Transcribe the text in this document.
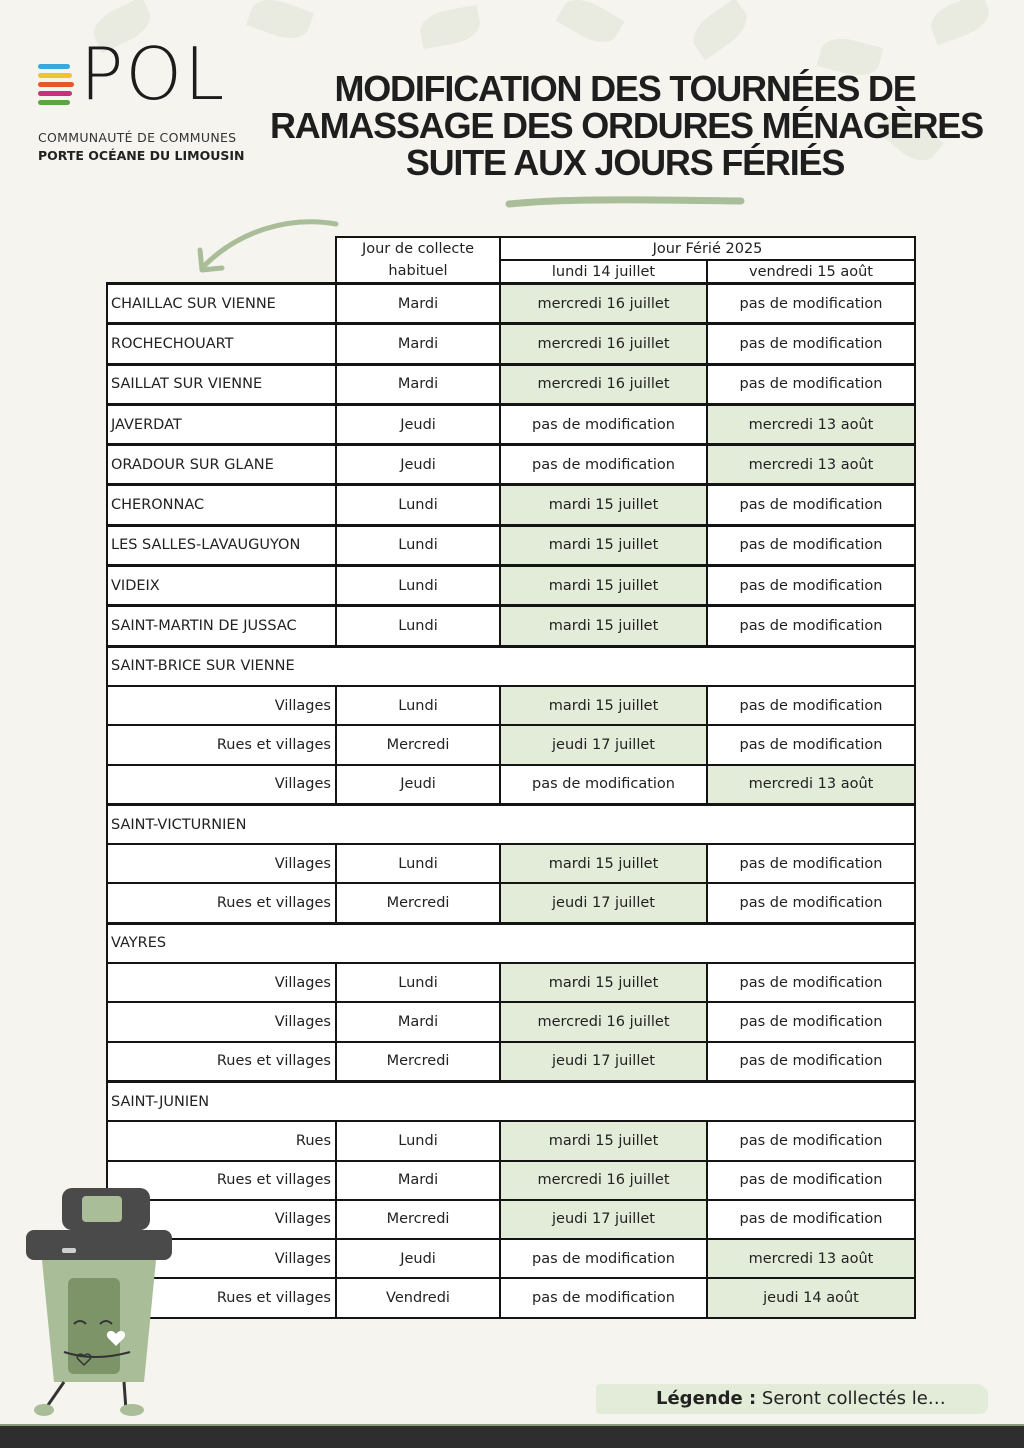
POL
COMMUNAUTÉ DE COMMUNES
PORTE OCÉANE DU LIMOUSIN
MODIFICATION DES TOURNÉES DE
RAMASSAGE DES ORDURES MÉNAGÈRES
SUITE AUX JOURS FÉRIÉS
	Jour de collecte habituel	Jour Férié 2025	
		lundi 14 juillet	vendredi 15 août
CHAILLAC SUR VIENNE	Mardi	mercredi 16 juillet	pas de modification
ROCHECHOUART	Mardi	mercredi 16 juillet	pas de modification
SAILLAT SUR VIENNE	Mardi	mercredi 16 juillet	pas de modification
JAVERDAT	Jeudi	pas de modification	mercredi 13 août
ORADOUR SUR GLANE	Jeudi	pas de modification	mercredi 13 août
CHERONNAC	Lundi	mardi 15 juillet	pas de modification
LES SALLES-LAVAUGUYON	Lundi	mardi 15 juillet	pas de modification
VIDEIX	Lundi	mardi 15 juillet	pas de modification
SAINT-MARTIN DE JUSSAC	Lundi	mardi 15 juillet	pas de modification
SAINT-BRICE SUR VIENNE			
Villages	Lundi	mardi 15 juillet	pas de modification
Rues et villages	Mercredi	jeudi 17 juillet	pas de modification
Villages	Jeudi	pas de modification	mercredi 13 août
SAINT-VICTURNIEN			
Villages	Lundi	mardi 15 juillet	pas de modification
Rues et villages	Mercredi	jeudi 17 juillet	pas de modification
VAYRES			
Villages	Lundi	mardi 15 juillet	pas de modification
Villages	Mardi	mercredi 16 juillet	pas de modification
Rues et villages	Mercredi	jeudi 17 juillet	pas de modification
SAINT-JUNIEN			
Rues	Lundi	mardi 15 juillet	pas de modification
Rues et villages	Mardi	mercredi 16 juillet	pas de modification
Villages	Mercredi	jeudi 17 juillet	pas de modification
Villages	Jeudi	pas de modification	mercredi 13 août
Rues et villages	Vendredi	pas de modification	jeudi 14 août
Légende : Seront collectés le…
